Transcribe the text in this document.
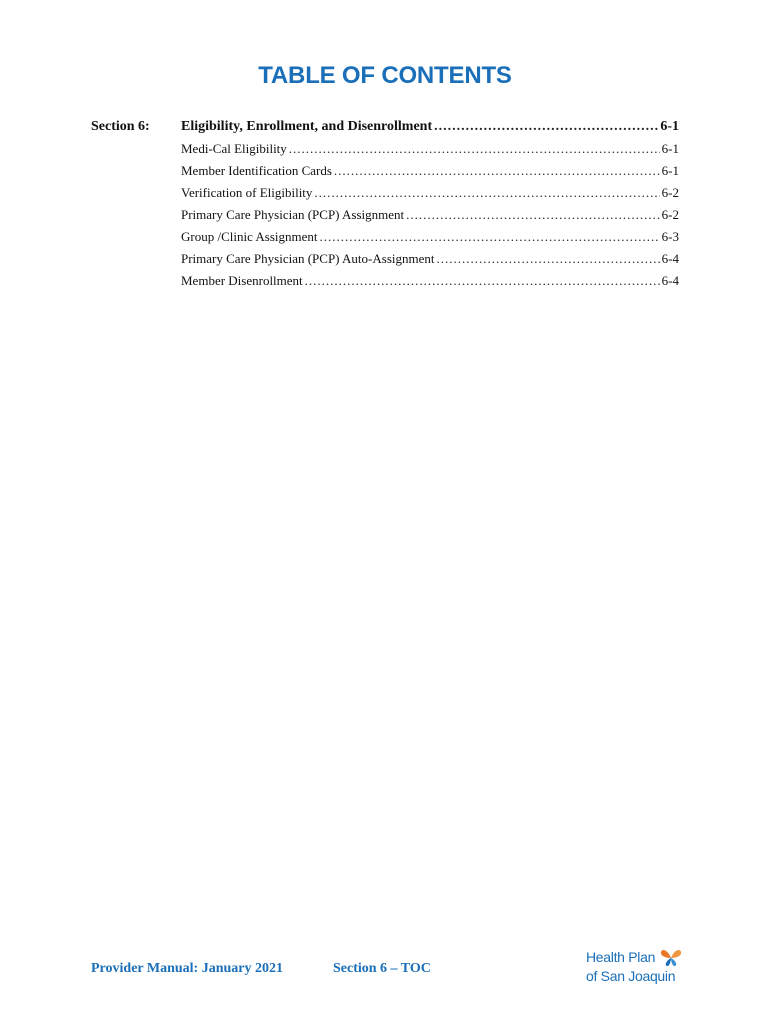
TABLE OF CONTENTS
Section 6: Eligibility, Enrollment, and Disenrollment .....	6-1
Medi-Cal Eligibility .....	6-1
Member Identification Cards .....	6-1
Verification of Eligibility .....	6-2
Primary Care Physician (PCP) Assignment .....	6-2
Group /Clinic Assignment .....	6-3
Primary Care Physician (PCP) Auto-Assignment .....	6-4
Member Disenrollment .....	6-4
Provider Manual: January 2021	Section 6 – TOC
Health Plan
of San Joaquin
